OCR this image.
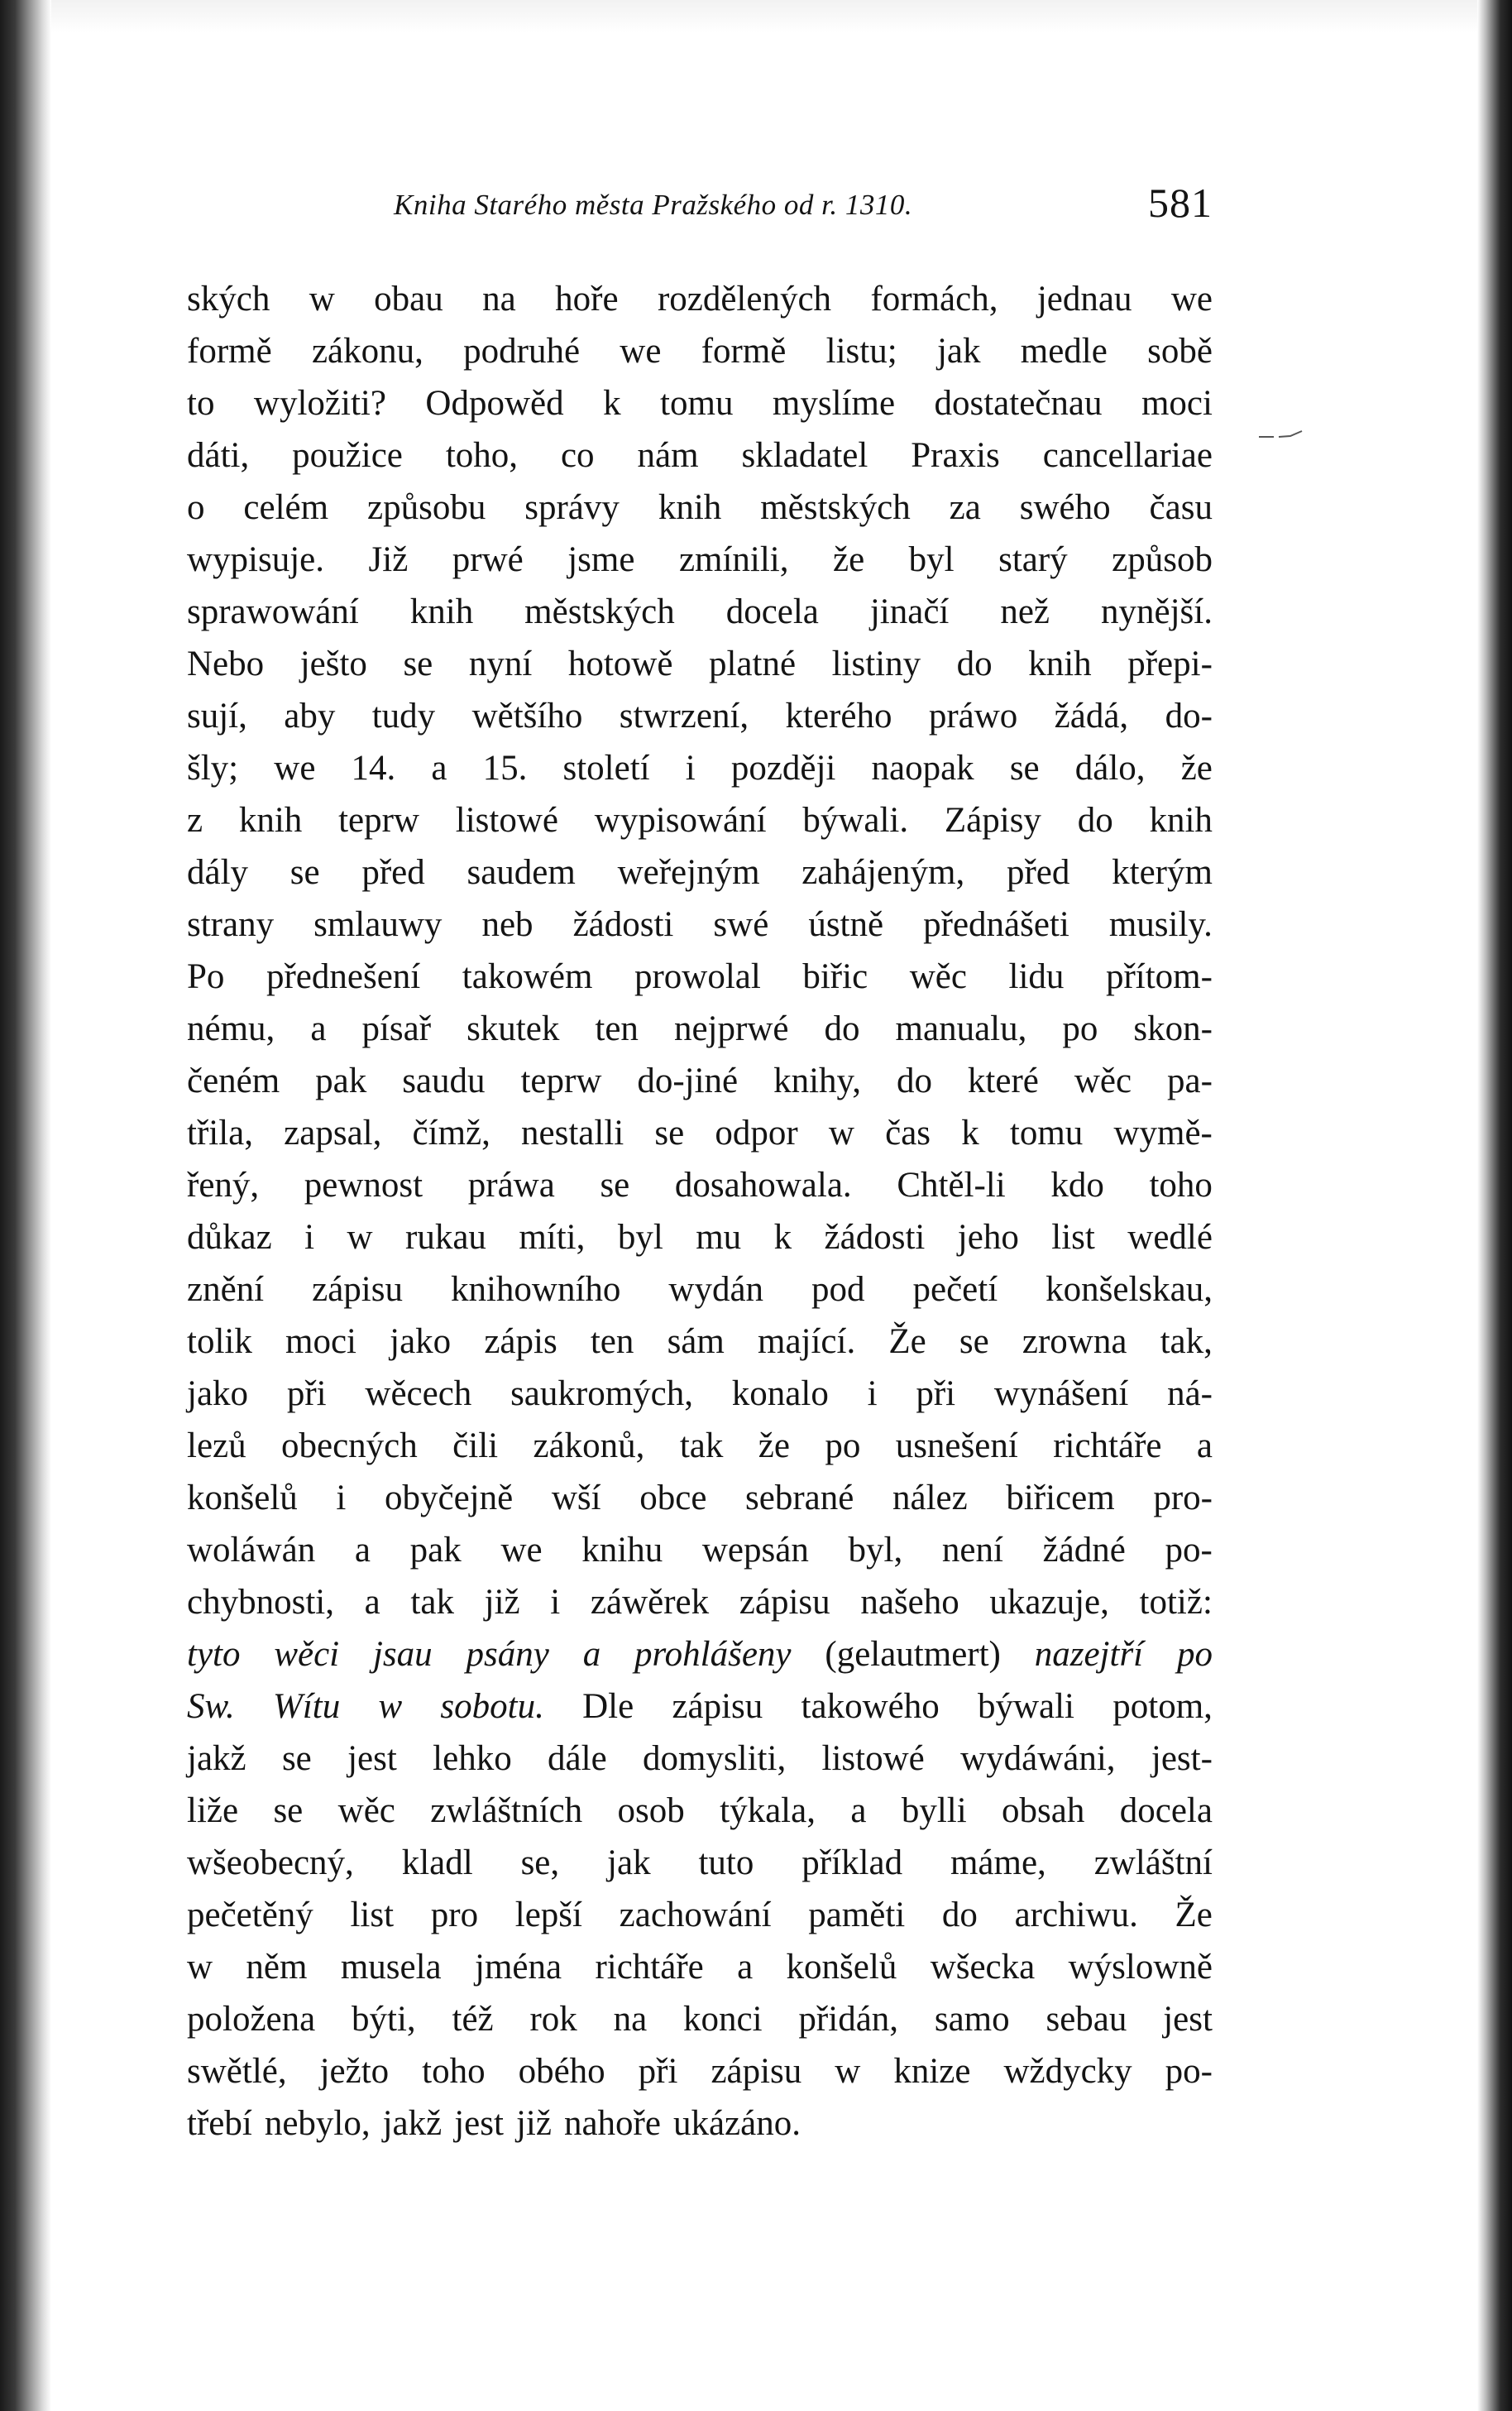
Kniha Starého města Pražského od r. 1310.	581
ských w obau na hoře rozdělených formách, jednau we
formě zákonu, podruhé we formě listu; jak medle sobě
to wyložiti? Odpowěd k tomu myslíme dostatečnau moci
dáti, použice toho, co nám skladatel Praxis cancellariae
o celém způsobu správy knih městských za swého času
wypisuje. Již prwé jsme zmínili, že byl starý způsob
sprawowání knih městských docela jinačí než nynější.
Nebo ješto se nyní hotowě platné listiny do knih přepi-
sují, aby tudy wětšího stwrzení, kterého práwo žádá, do-
šly; we 14. a 15. století i později naopak se dálo, že
z knih teprw listowé wypisowání býwali. Zápisy do knih
dály se před saudem weřejným zahájeným, před kterým
strany smlauwy neb žádosti swé ústně přednášeti musily.
Po přednešení takowém prowolal biřic wěc lidu přítom-
nému, a písař skutek ten nejprwé do manualu, po skon-
čeném pak saudu teprw do-jiné knihy, do které wěc pa-
třila, zapsal, čímž, nestalli se odpor w čas k tomu wymě-
řený, pewnost práwa se dosahowala. Chtěl-li kdo toho
důkaz i w rukau míti, byl mu k žádosti jeho list wedlé
znění zápisu knihowního wydán pod pečetí konšelskau,
tolik moci jako zápis ten sám mající. Že se zrowna tak,
jako při wěcech saukromých, konalo i při wynášení ná-
lezů obecných čili zákonů, tak že po usnešení richtáře a
konšelů i obyčejně wší obce sebrané nález biřicem pro-
woláwán a pak we knihu wepsán byl, není žádné po-
chybnosti, a tak již i záwěrek zápisu našeho ukazuje, totiž:
tyto wěci jsau psány a prohlášeny (gelautmert) nazejtří po
Sw. Wítu w sobotu. Dle zápisu takowého býwali potom,
jakž se jest lehko dále domysliti, listowé wydáwáni, jest-
liže se wěc zwláštních osob týkala, a bylli obsah docela
wšeobecný, kladl se, jak tuto příklad máme, zwláštní
pečetěný list pro lepší zachowání paměti do archiwu. Že
w něm musela jména richtáře a konšelů wšecka wýslowně
položena býti, též rok na konci přidán, samo sebau jest
swětlé, ježto toho obého při zápisu w knize wždycky po-
třebí nebylo, jakž jest již nahoře ukázáno.
